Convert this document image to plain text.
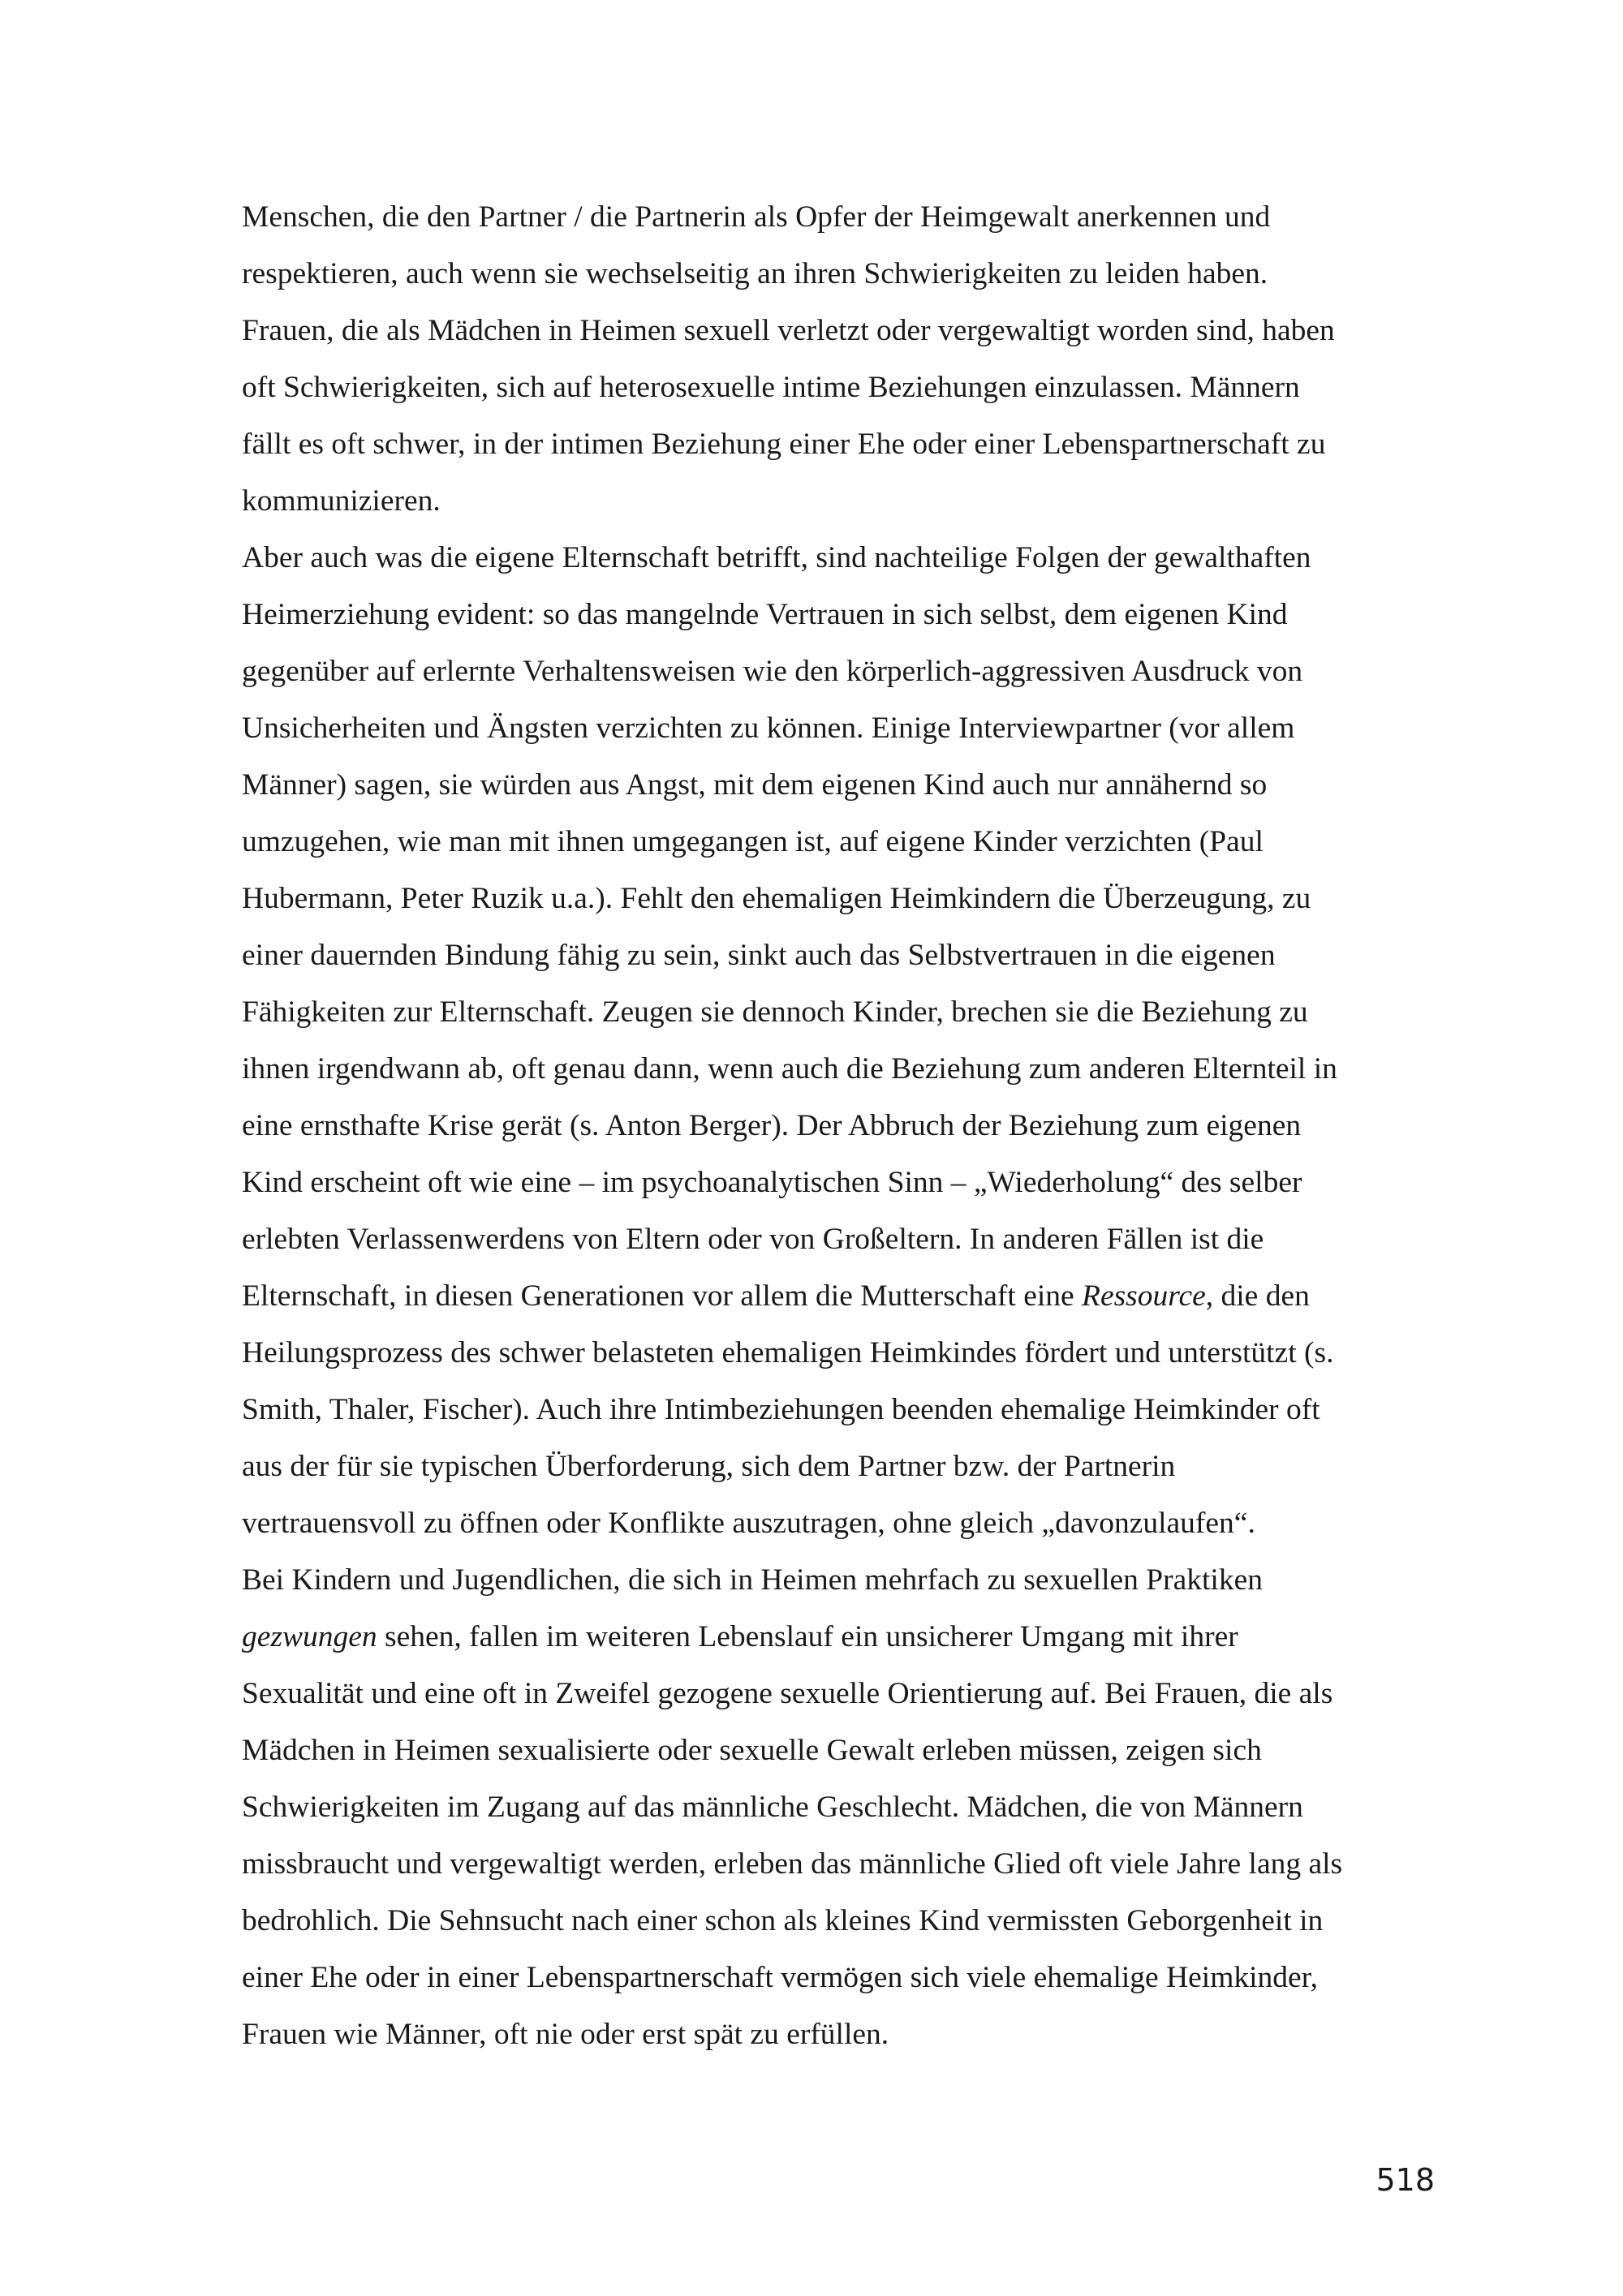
Menschen, die den Partner / die Partnerin als Opfer der Heimgewalt anerkennen und
respektieren, auch wenn sie wechselseitig an ihren Schwierigkeiten zu leiden haben.
Frauen, die als Mädchen in Heimen sexuell verletzt oder vergewaltigt worden sind, haben
oft Schwierigkeiten, sich auf heterosexuelle intime Beziehungen einzulassen. Männern
fällt es oft schwer, in der intimen Beziehung einer Ehe oder einer Lebenspartnerschaft zu
kommunizieren.
Aber auch was die eigene Elternschaft betrifft, sind nachteilige Folgen der gewalthaften
Heimerziehung evident: so das mangelnde Vertrauen in sich selbst, dem eigenen Kind
gegenüber auf erlernte Verhaltensweisen wie den körperlich-aggressiven Ausdruck von
Unsicherheiten und Ängsten verzichten zu können. Einige Interviewpartner (vor allem
Männer) sagen, sie würden aus Angst, mit dem eigenen Kind auch nur annähernd so
umzugehen, wie man mit ihnen umgegangen ist, auf eigene Kinder verzichten (Paul
Hubermann, Peter Ruzik u.a.). Fehlt den ehemaligen Heimkindern die Überzeugung, zu
einer dauernden Bindung fähig zu sein, sinkt auch das Selbstvertrauen in die eigenen
Fähigkeiten zur Elternschaft. Zeugen sie dennoch Kinder, brechen sie die Beziehung zu
ihnen irgendwann ab, oft genau dann, wenn auch die Beziehung zum anderen Elternteil in
eine ernsthafte Krise gerät (s. Anton Berger). Der Abbruch der Beziehung zum eigenen
Kind erscheint oft wie eine – im psychoanalytischen Sinn – „Wiederholung“ des selber
erlebten Verlassenwerdens von Eltern oder von Großeltern. In anderen Fällen ist die
Elternschaft, in diesen Generationen vor allem die Mutterschaft eine Ressource, die den
Heilungsprozess des schwer belasteten ehemaligen Heimkindes fördert und unterstützt (s.
Smith, Thaler, Fischer). Auch ihre Intimbeziehungen beenden ehemalige Heimkinder oft
aus der für sie typischen Überforderung, sich dem Partner bzw. der Partnerin
vertrauensvoll zu öffnen oder Konflikte auszutragen, ohne gleich „davonzulaufen“.
Bei Kindern und Jugendlichen, die sich in Heimen mehrfach zu sexuellen Praktiken
gezwungen sehen, fallen im weiteren Lebenslauf ein unsicherer Umgang mit ihrer
Sexualität und eine oft in Zweifel gezogene sexuelle Orientierung auf. Bei Frauen, die als
Mädchen in Heimen sexualisierte oder sexuelle Gewalt erleben müssen, zeigen sich
Schwierigkeiten im Zugang auf das männliche Geschlecht. Mädchen, die von Männern
missbraucht und vergewaltigt werden, erleben das männliche Glied oft viele Jahre lang als
bedrohlich. Die Sehnsucht nach einer schon als kleines Kind vermissten Geborgenheit in
einer Ehe oder in einer Lebenspartnerschaft vermögen sich viele ehemalige Heimkinder,
Frauen wie Männer, oft nie oder erst spät zu erfüllen.
518
